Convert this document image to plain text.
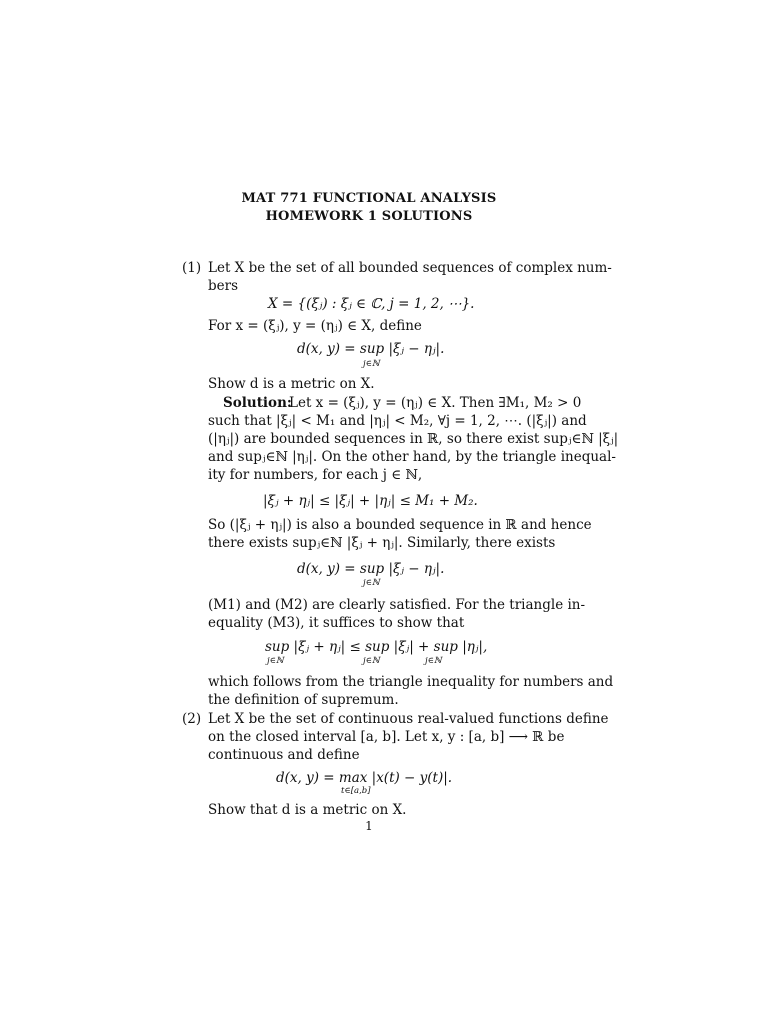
MAT 771 FUNCTIONAL ANALYSIS
HOMEWORK 1 SOLUTIONS
(1) Let X be the set of all bounded sequences of complex num-
bers
X = {(ξⱼ) : ξⱼ ∈ ℂ, j = 1, 2, ⋯}.
For x = (ξⱼ), y = (ηⱼ) ∈ X, define
d(x, y) = sup |ξⱼ − ηⱼ|.
j∈ℕ
Show d is a metric on X.
Solution:
Let x = (ξⱼ), y = (ηⱼ) ∈ X. Then ∃M₁, M₂ > 0
such that |ξⱼ| < M₁ and |ηⱼ| < M₂, ∀j = 1, 2, ⋯. (|ξⱼ|) and
(|ηⱼ|) are bounded sequences in ℝ, so there exist supⱼ∈ℕ |ξⱼ|
and supⱼ∈ℕ |ηⱼ|. On the other hand, by the triangle inequal-
ity for numbers, for each j ∈ ℕ,
|ξⱼ + ηⱼ| ≤ |ξⱼ| + |ηⱼ| ≤ M₁ + M₂.
So (|ξⱼ + ηⱼ|) is also a bounded sequence in ℝ and hence
there exists supⱼ∈ℕ |ξⱼ + ηⱼ|. Similarly, there exists
d(x, y) = sup |ξⱼ − ηⱼ|.
j∈ℕ
(M1) and (M2) are clearly satisfied. For the triangle in-
equality (M3), it suffices to show that
sup |ξⱼ + ηⱼ| ≤ sup |ξⱼ| + sup |ηⱼ|,
j∈ℕ	j∈ℕ	j∈ℕ
which follows from the triangle inequality for numbers and
the definition of supremum.
(2) Let X be the set of continuous real-valued functions define
on the closed interval [a, b]. Let x, y : [a, b] ⟶ ℝ be
continuous and define
d(x, y) = max |x(t) − y(t)|.
t∈[a,b]
Show that d is a metric on X.
1
